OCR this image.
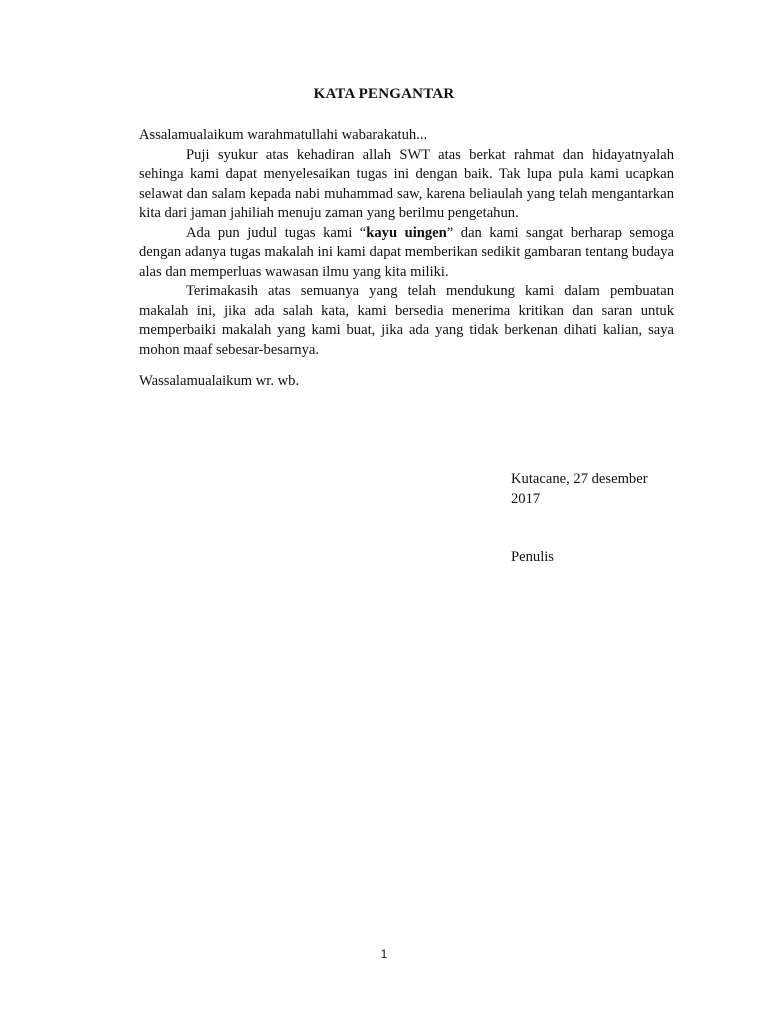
KATA PENGANTAR

Assalamualaikum warahmatullahi wabarakatuh...

Puji syukur atas kehadiran allah SWT atas berkat rahmat dan hidayatnyalah sehinga kami dapat menyelesaikan tugas ini dengan baik. Tak lupa pula kami ucapkan selawat dan salam kepada nabi muhammad saw, karena beliaulah yang telah mengantarkan kita dari jaman jahiliah menuju zaman yang berilmu pengetahun.

Ada pun judul tugas kami “kayu uingen” dan kami sangat berharap semoga dengan adanya tugas makalah ini kami dapat memberikan sedikit gambaran tentang budaya alas dan memperluas wawasan ilmu yang kita miliki.

Terimakasih atas semuanya yang telah mendukung kami dalam pembuatan makalah ini, jika ada salah kata, kami bersedia menerima kritikan dan saran untuk memperbaiki makalah yang kami buat, jika ada yang tidak berkenan dihati kalian, saya mohon maaf sebesar-besarnya.

Wassalamualaikum wr. wb.
Kutacane, 27 desember 2017
Penulis
1
